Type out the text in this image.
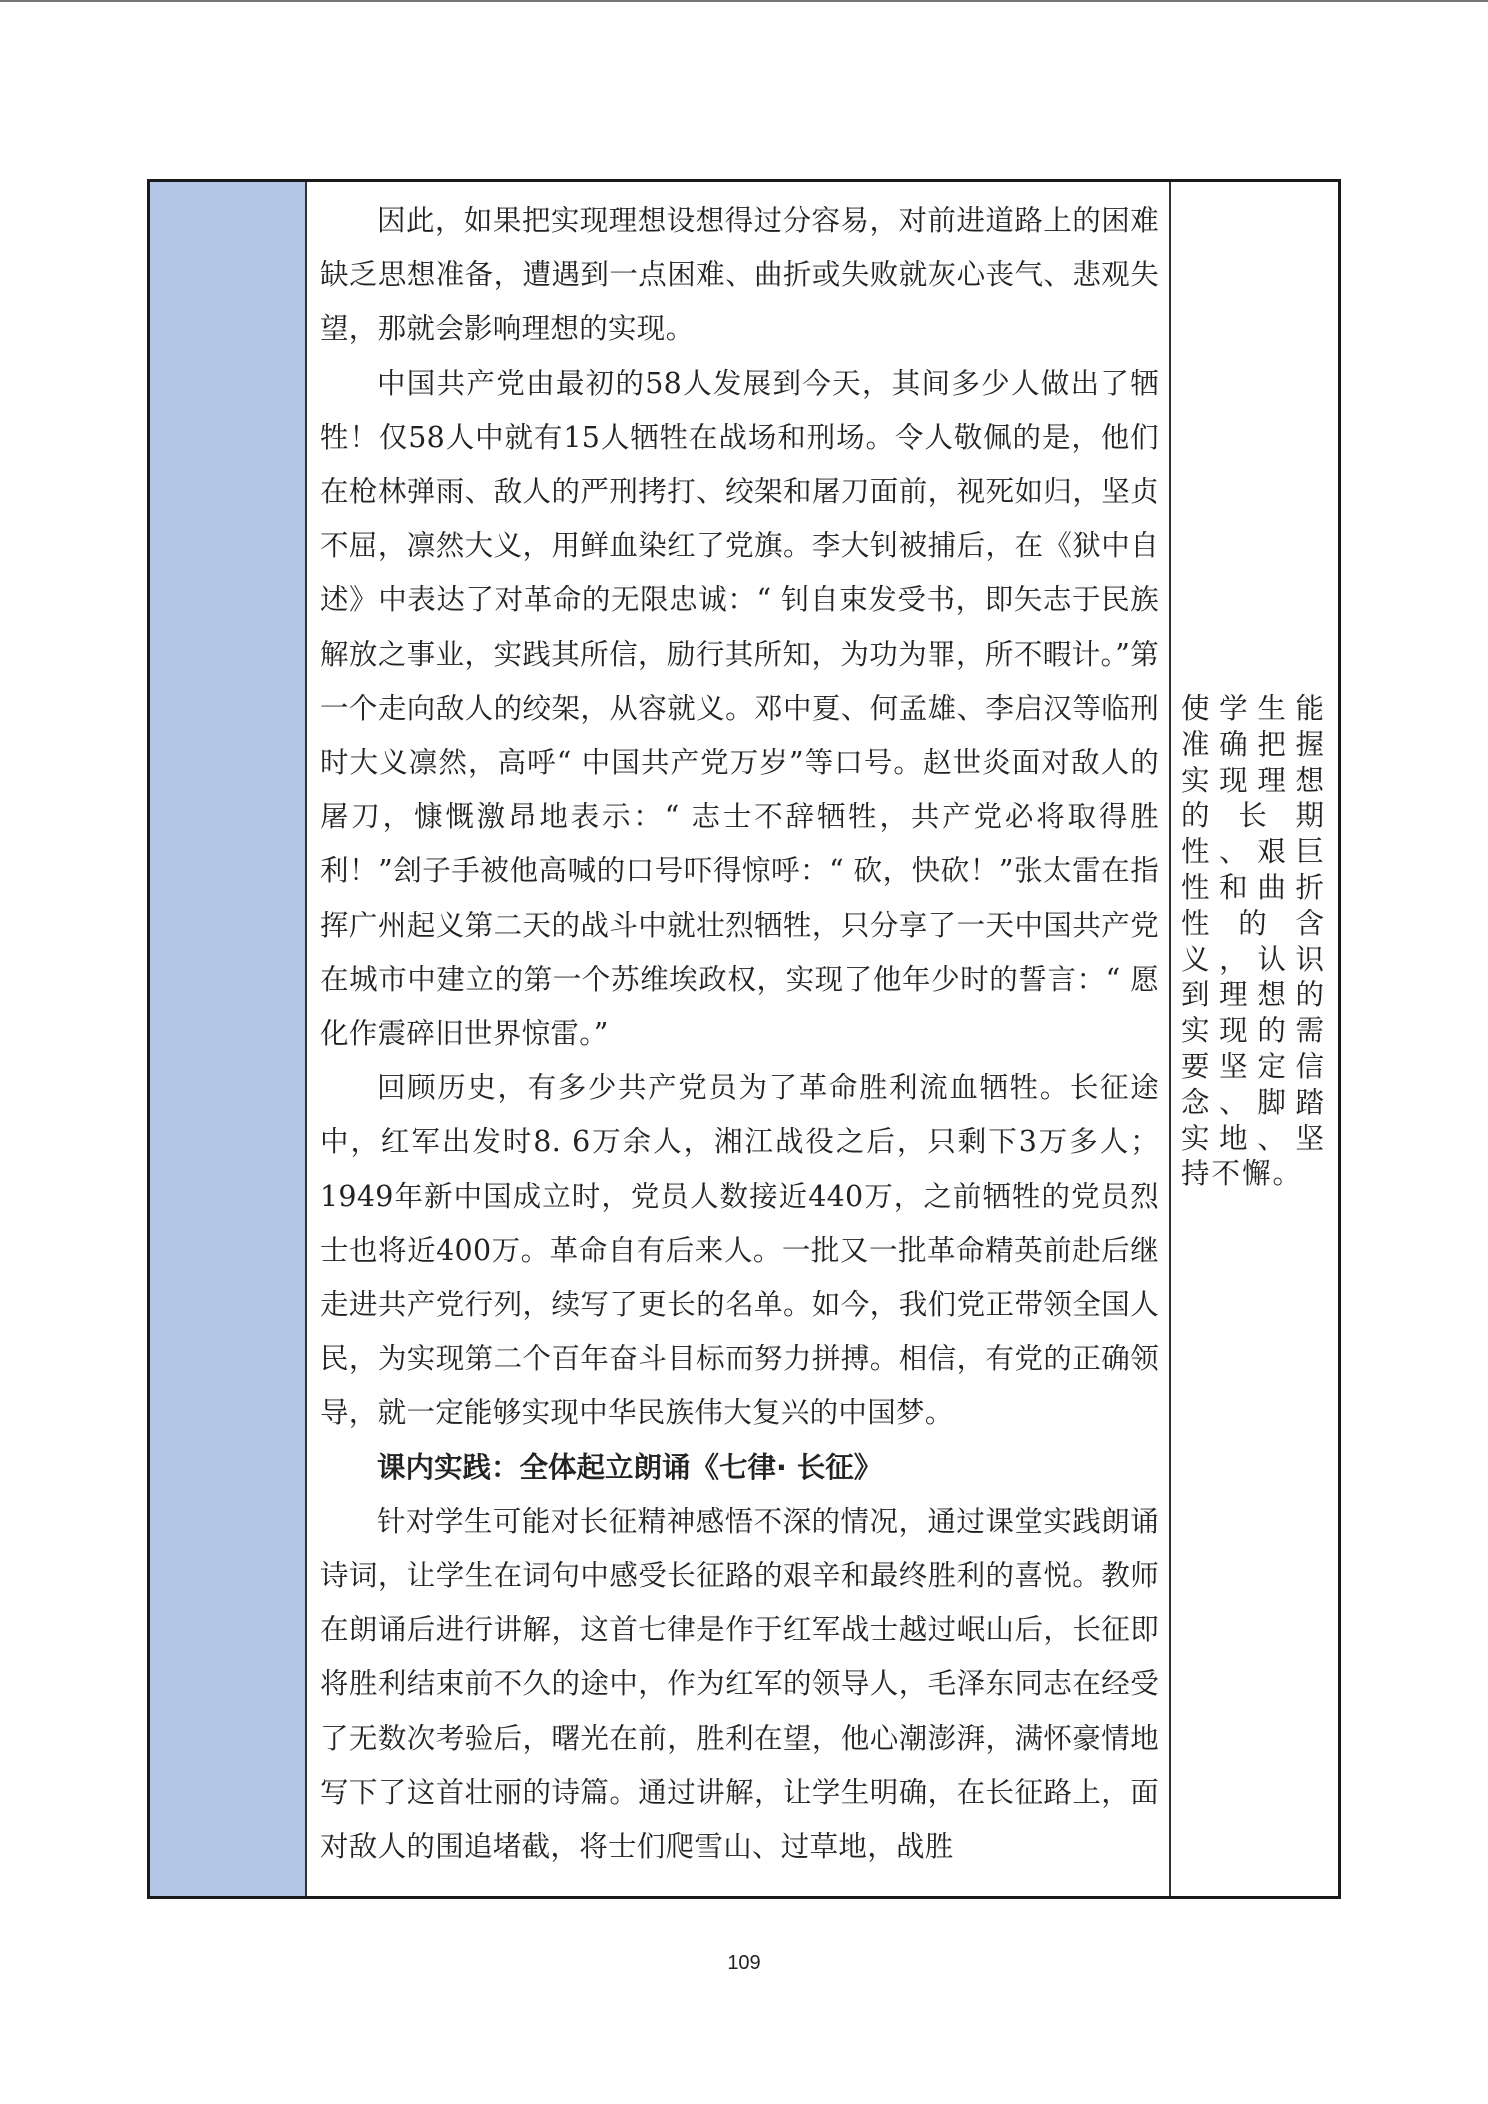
因此，如果把实现理想设想得过分容易，对前进道路上的困难缺乏思想准备，遭遇到一点困难、曲折或失败就灰心丧气、悲观失望，那就会影响理想的实现。

中国共产党由最初的58人发展到今天，其间多少人做出了牺牲！仅58人中就有15人牺牲在战场和刑场。令人敬佩的是，他们在枪林弹雨、敌人的严刑拷打、绞架和屠刀面前，视死如归，坚贞不屈，凛然大义，用鲜血染红了党旗。李大钊被捕后，在《狱中自述》中表达了对革命的无限忠诚：“ 钊自束发受书，即矢志于民族解放之事业，实践其所信，励行其所知，为功为罪，所不暇计。”第一个走向敌人的绞架，从容就义。邓中夏、何孟雄、李启汉等临刑时大义凛然，高呼“ 中国共产党万岁”等口号。赵世炎面对敌人的屠刀，慷慨激昂地表示：“ 志士不辞牺牲，共产党必将取得胜利！”刽子手被他高喊的口号吓得惊呼：“ 砍，快砍！”张太雷在指挥广州起义第二天的战斗中就壮烈牺牲，只分享了一天中国共产党在城市中建立的第一个苏维埃政权，实现了他年少时的誓言：“ 愿化作震碎旧世界惊雷。”

回顾历史，有多少共产党员为了革命胜利流血牺牲。长征途中，红军出发时8. 6万余人，湘江战役之后，只剩下3万多人；1949年新中国成立时，党员人数接近440万，之前牺牲的党员烈士也将近400万。革命自有后来人。一批又一批革命精英前赴后继走进共产党行列，续写了更长的名单。如今，我们党正带领全国人民，为实现第二个百年奋斗目标而努力拼搏。相信，有党的正确领导，就一定能够实现中华民族伟大复兴的中国梦。

课内实践：全体起立朗诵《七律· 长征》

针对学生可能对长征精神感悟不深的情况，通过课堂实践朗诵诗词，让学生在词句中感受长征路的艰辛和最终胜利的喜悦。教师在朗诵后进行讲解，这首七律是作于红军战士越过岷山后，长征即将胜利结束前不久的途中，作为红军的领导人，毛泽东同志在经受了无数次考验后，曙光在前，胜利在望，他心潮澎湃，满怀豪情地写下了这首壮丽的诗篇。通过讲解，让学生明确，在长征路上，面对敌人的围追堵截，将士们爬雪山、过草地，战胜

使学生能准确把握实现理想的长期性、艰巨性和曲折性的含义，认识到理想的实现的需要坚定信念、脚踏实地、坚持不懈。

109
